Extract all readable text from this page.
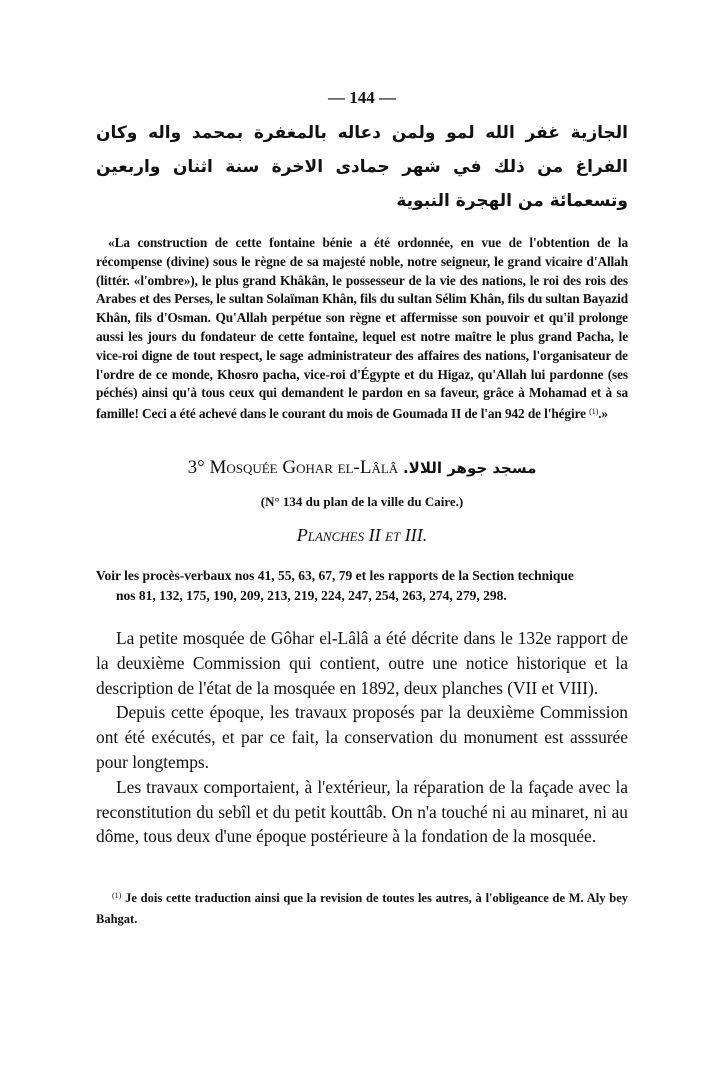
— 144 —

الجازية غفر الله لمو ولمن دعاله بالمغفرة بمحمد واله وكان الفراغ من ذلك في شهر جمادى الاخرة سنة اثنان واربعين وتسعمائة من الهجرة النبوية

«La construction de cette fontaine bénie a été ordonnée, en vue de l'obtention de la récompense (divine) sous le règne de sa majesté noble, notre seigneur, le grand vicaire d'Allah (littér. «l'ombre»), le plus grand Khâkân, le possesseur de la vie des nations, le roi des rois des Arabes et des Perses, le sultan Solaïman Khân, fils du sultan Sélim Khân, fils du sultan Bayazid Khân, fils d'Osman. Qu'Allah perpétue son règne et affermisse son pouvoir et qu'il prolonge aussi les jours du fondateur de cette fontaine, lequel est notre maître le plus grand Pacha, le vice-roi digne de tout respect, le sage administrateur des affaires des nations, l'organisateur de l'ordre de ce monde, Khosro pacha, vice-roi d'Égypte et du Higaz, qu'Allah lui pardonne (ses péchés) ainsi qu'à tous ceux qui demandent le pardon en sa faveur, grâce à Mohamad et à sa famille! Ceci a été achevé dans le courant du mois de Goumada II de l'an 942 de l'hégire $^{(1)}$.»

3° Mosquée Gohar el-Lâlâ مسجد جوهر اللالا.
(N° 134 du plan de la ville du Caire.)
Planches II et III.
Voir les procès-verbaux nos 41, 55, 63, 67, 79 et les rapports de la Section technique
nos 81, 132, 175, 190, 209, 213, 219, 224, 247, 254, 263, 274, 279, 298.

La petite mosquée de Gôhar el-Lâlâ a été décrite dans le 132e rapport de la deuxième Commission qui contient, outre une notice historique et la description de l'état de la mosquée en 1892, deux planches (VII et VIII).

Depuis cette époque, les travaux proposés par la deuxième Commission ont été exécutés, et par ce fait, la conservation du monument est asssurée pour longtemps.

Les travaux comportaient, à l'extérieur, la réparation de la façade avec la reconstitution du sebîl et du petit kouttâb. On n'a touché ni au minaret, ni au dôme, tous deux d'une époque postérieure à la fondation de la mosquée.

$^{(1)}$ Je dois cette traduction ainsi que la revision de toutes les autres, à l'obligeance de M. Aly bey Bahgat.
